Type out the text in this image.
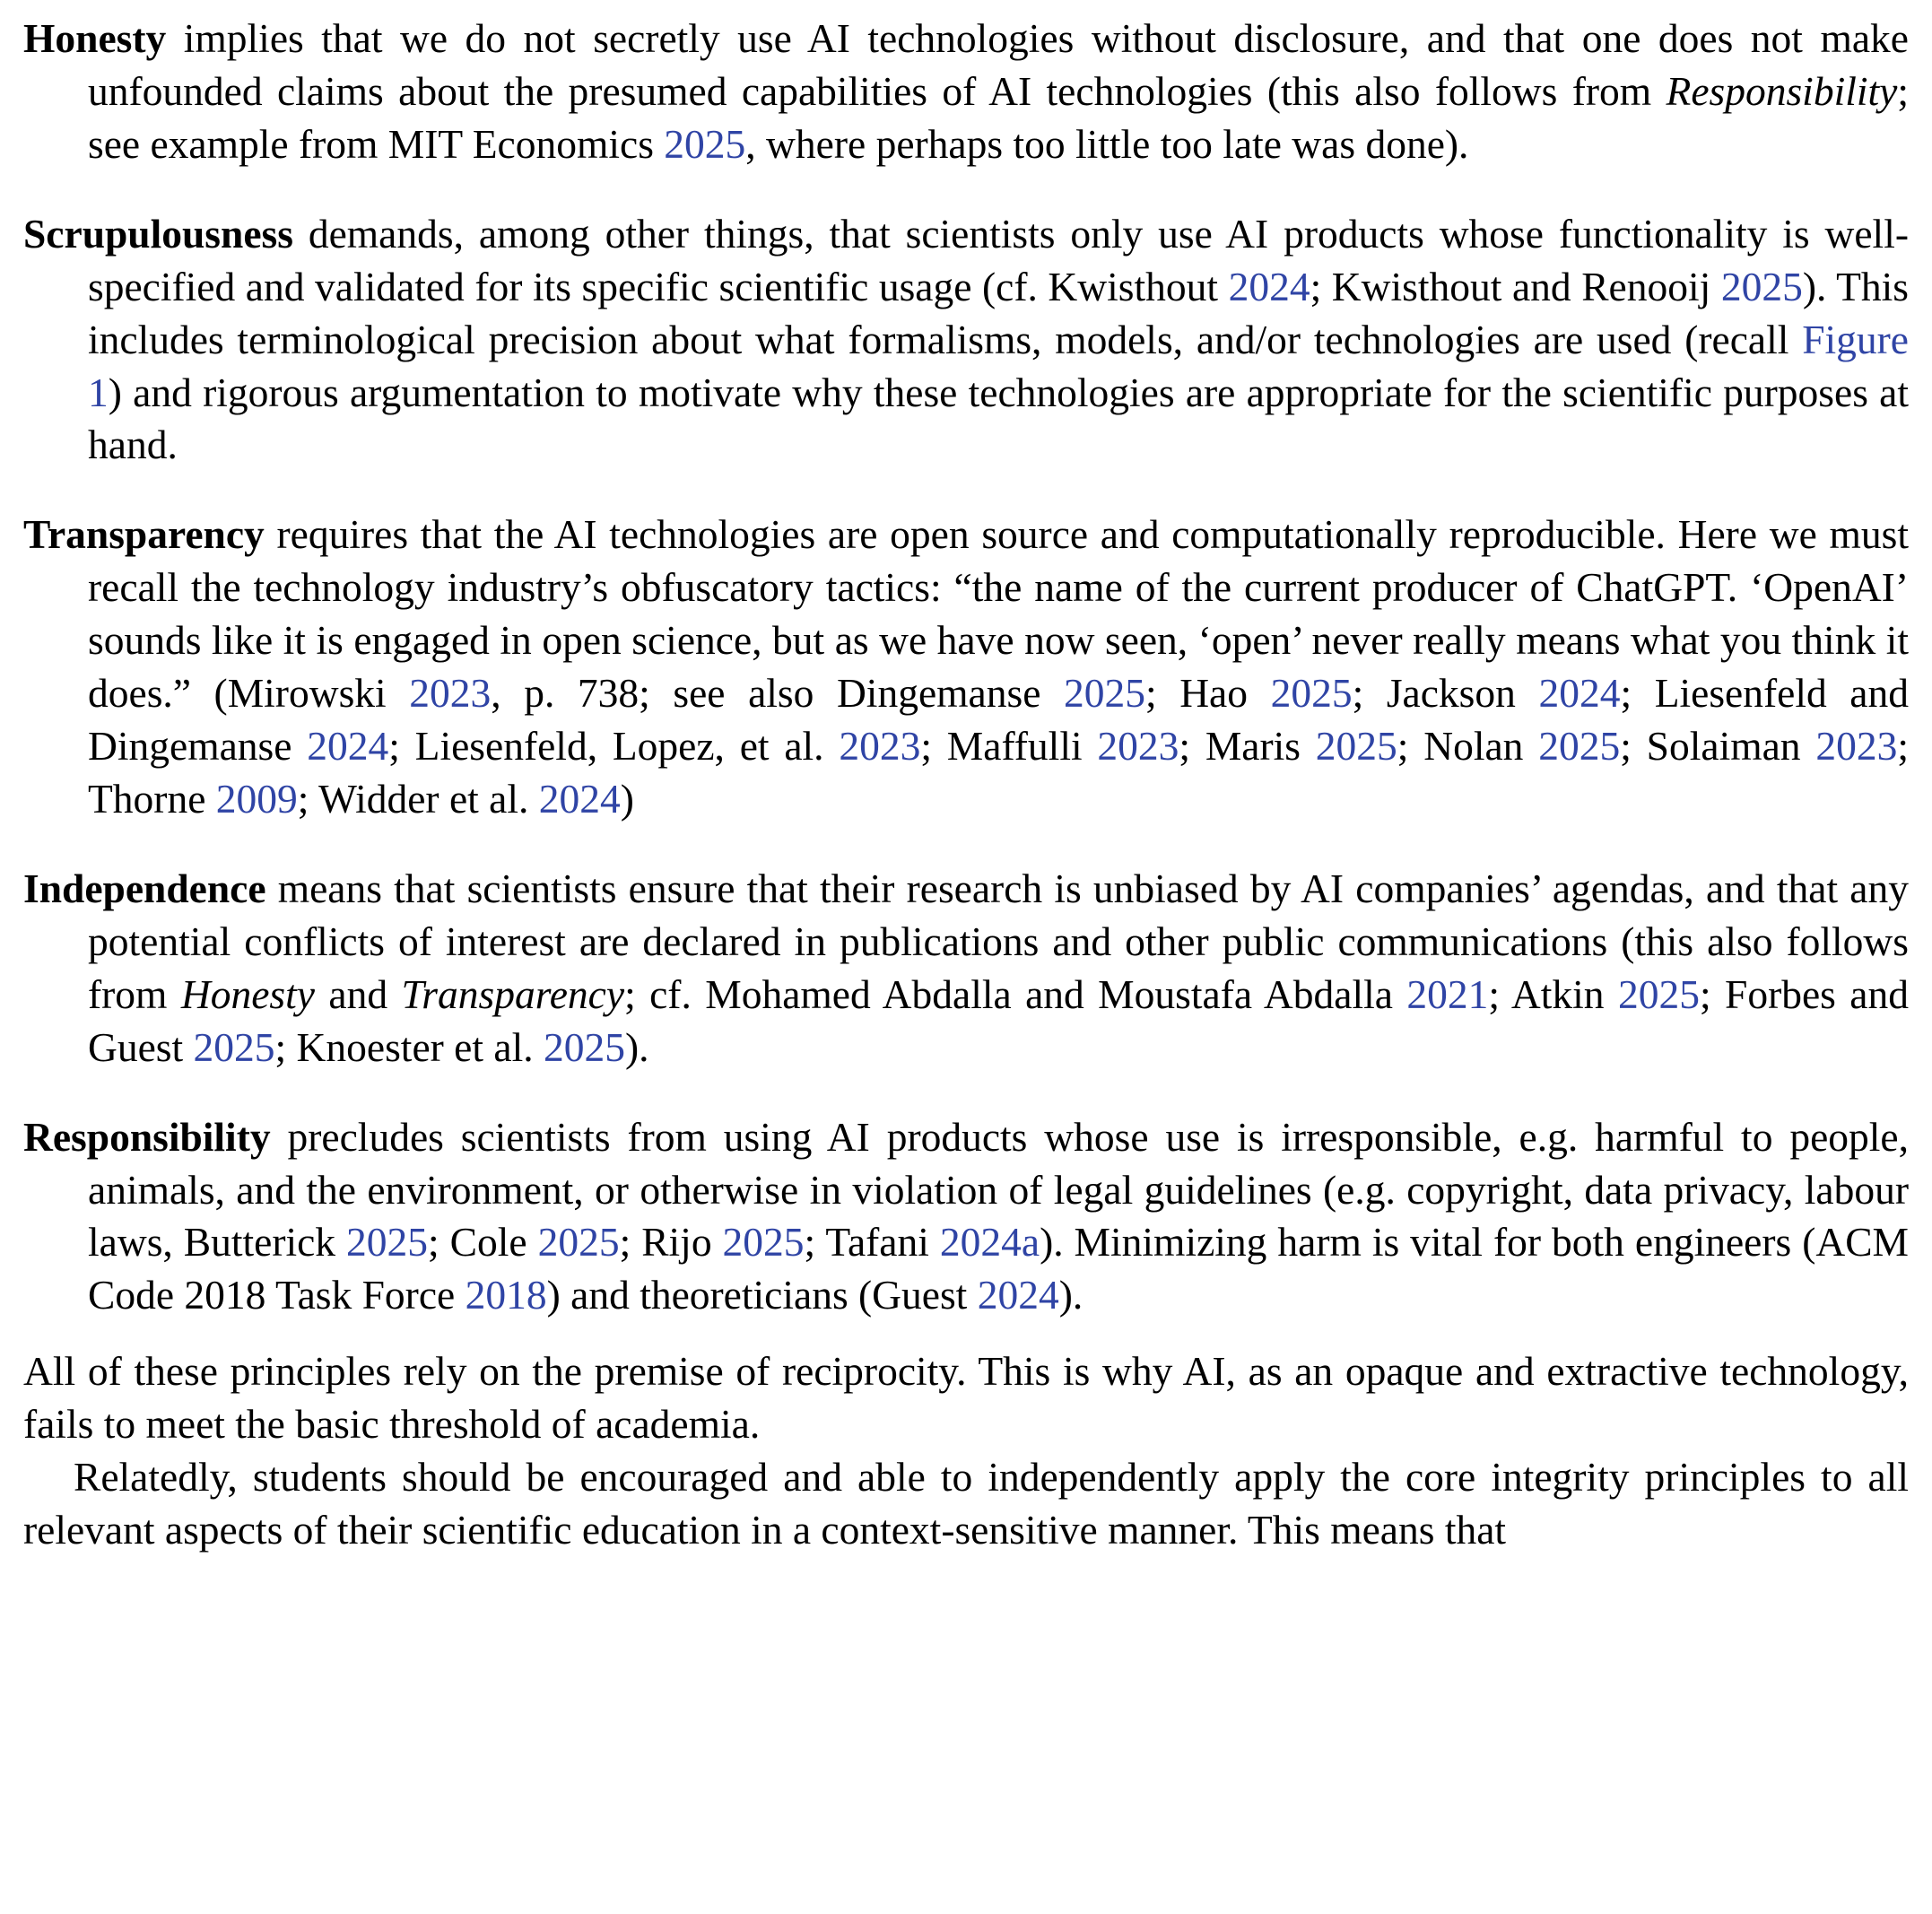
Honesty implies that we do not secretly use AI technologies without disclosure, and that one does not make unfounded claims about the presumed capabilities of AI technologies (this also follows from Responsibility; see example from MIT Economics 2025, where perhaps too little too late was done).

Scrupulousness demands, among other things, that scientists only use AI products whose functionality is well-specified and validated for its specific scientific usage (cf. Kwisthout 2024; Kwisthout and Renooij 2025). This includes terminological precision about what formalisms, models, and/or technologies are used (recall Figure 1) and rigorous argumentation to motivate why these technologies are appropriate for the scientific purposes at hand.

Transparency requires that the AI technologies are open source and computationally reproducible. Here we must recall the technology industry’s obfuscatory tactics: “the name of the current producer of ChatGPT. ‘OpenAI’ sounds like it is engaged in open science, but as we have now seen, ‘open’ never really means what you think it does.” (Mirowski 2023, p. 738; see also Dingemanse 2025; Hao 2025; Jackson 2024; Liesenfeld and Dingemanse 2024; Liesenfeld, Lopez, et al. 2023; Maffulli 2023; Maris 2025; Nolan 2025; Solaiman 2023; Thorne 2009; Widder et al. 2024)

Independence means that scientists ensure that their research is unbiased by AI companies’ agendas, and that any potential conflicts of interest are declared in publications and other public communications (this also follows from Honesty and Transparency; cf. Mohamed Abdalla and Moustafa Abdalla 2021; Atkin 2025; Forbes and Guest 2025; Knoester et al. 2025).

Responsibility precludes scientists from using AI products whose use is irresponsible, e.g. harmful to people, animals, and the environment, or otherwise in violation of legal guidelines (e.g. copyright, data privacy, labour laws, Butterick 2025; Cole 2025; Rijo 2025; Tafani 2024a). Minimizing harm is vital for both engineers (ACM Code 2018 Task Force 2018) and theoreticians (Guest 2024).

All of these principles rely on the premise of reciprocity. This is why AI, as an opaque and extractive technology, fails to meet the basic threshold of academia.

Relatedly, students should be encouraged and able to independently apply the core integrity principles to all relevant aspects of their scientific education in a context-sensitive manner. This means that
